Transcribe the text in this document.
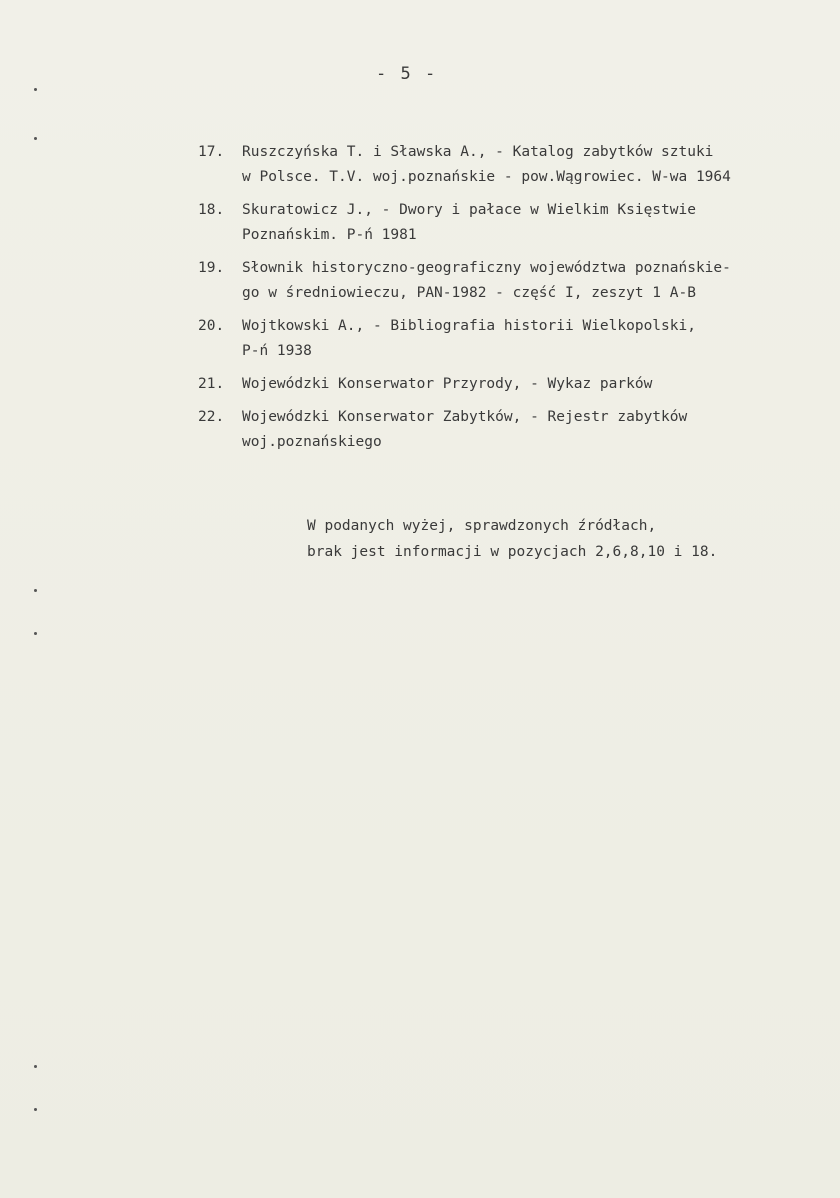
- 5 -
17.	Ruszczyńska T. i Sławska A., - Katalog zabytków sztuki
w Polsce. T.V. woj.poznańskie - pow.Wągrowiec. W-wa 1964
18.	Skuratowicz J., - Dwory i pałace w Wielkim Księstwie
Poznańskim. P-ń 1981
19.	Słownik historyczno-geograficzny województwa poznańskie-
go w średniowieczu, PAN-1982 - część I, zeszyt 1 A-B
20.	Wojtkowski A., - Bibliografia historii Wielkopolski,
P-ń 1938
21.	Wojewódzki Konserwator Przyrody, - Wykaz parków
22.	Wojewódzki Konserwator Zabytków, - Rejestr zabytków
woj.poznańskiego
W podanych wyżej, sprawdzonych źródłach,
brak jest informacji w pozycjach 2,6,8,10 i 18.
